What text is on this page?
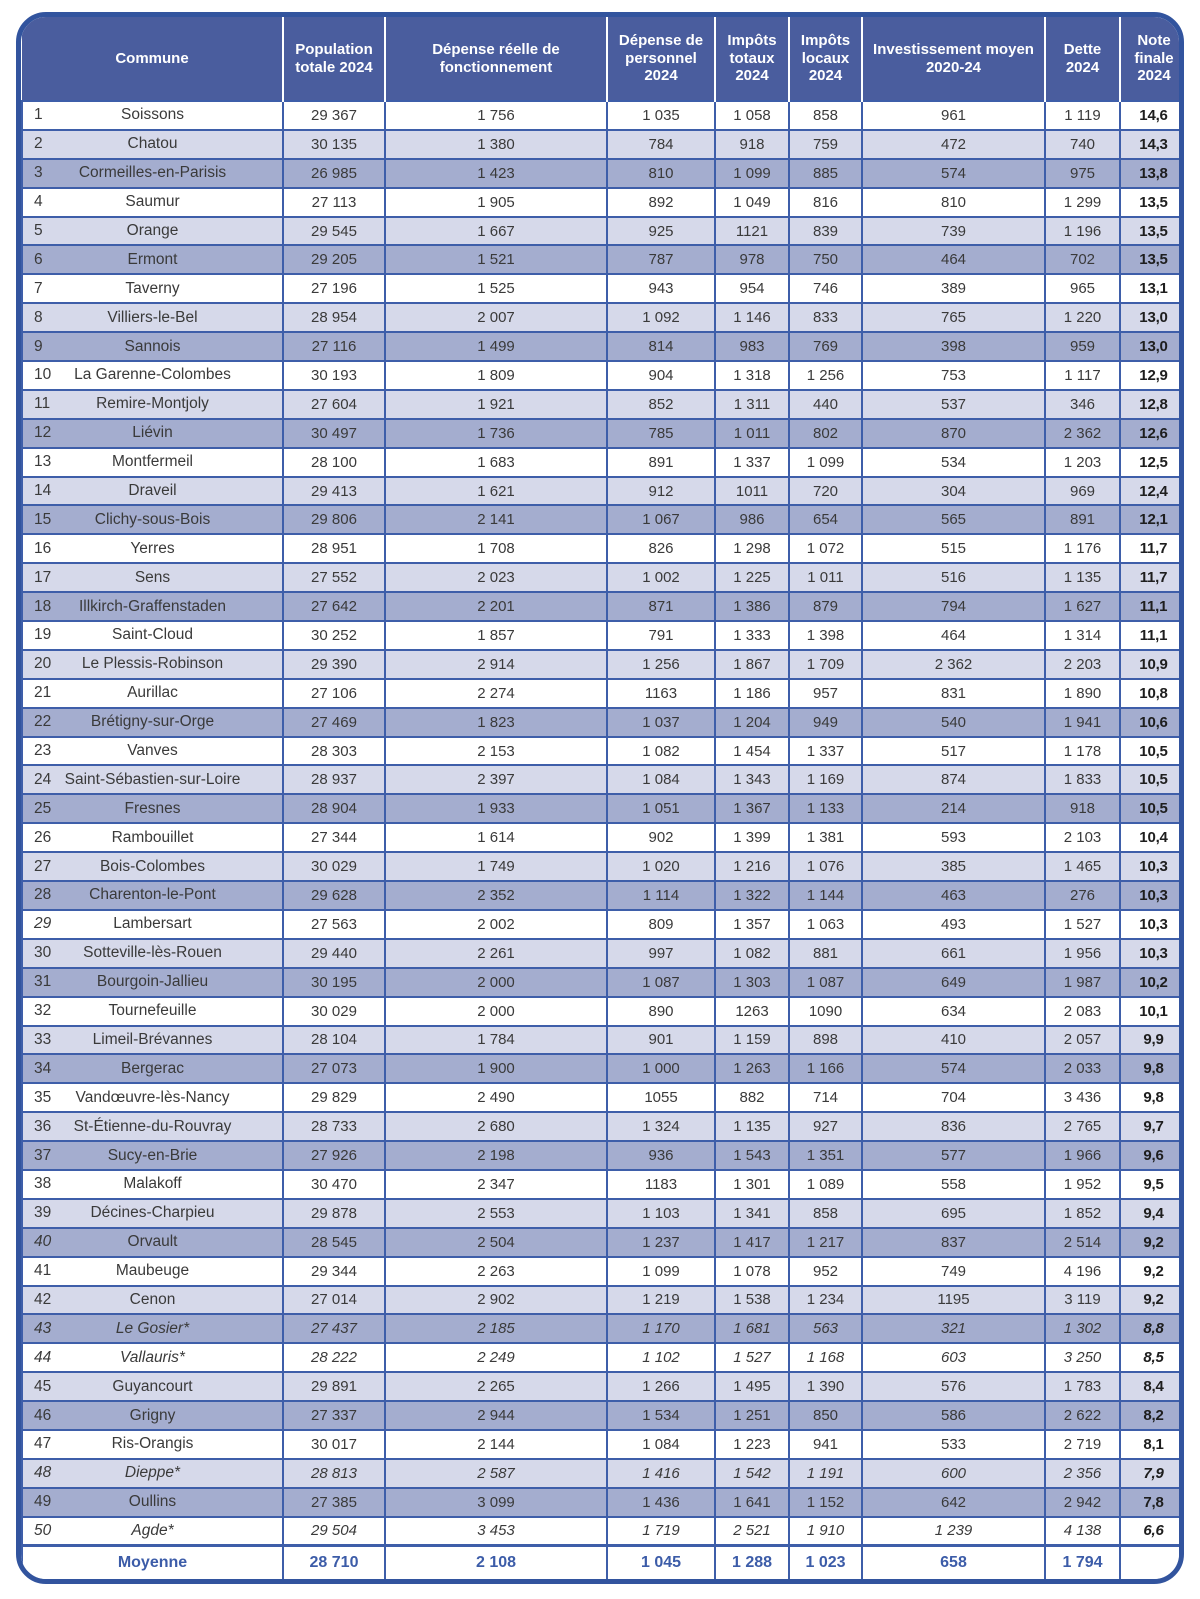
Commune	Population totale 2024	Dépense réelle de fonctionnement	Dépense de personnel 2024	Impôts totaux 2024	Impôts locaux 2024	Investissement moyen 2020-24	Dette 2024	Note finale 2024

1 Soissons	29 367	1 756	1 035	1 058	858	961	1 119	14,6

2 Chatou	30 135	1 380	784	918	759	472	740	14,3

3 Cormeilles-en-Parisis	26 985	1 423	810	1 099	885	574	975	13,8

4 Saumur	27 113	1 905	892	1 049	816	810	1 299	13,5

5 Orange	29 545	1 667	925	1121	839	739	1 196	13,5

6 Ermont	29 205	1 521	787	978	750	464	702	13,5

7 Taverny	27 196	1 525	943	954	746	389	965	13,1

8 Villiers-le-Bel	28 954	2 007	1 092	1 146	833	765	1 220	13,0

9 Sannois	27 116	1 499	814	983	769	398	959	13,0

10 La Garenne-Colombes	30 193	1 809	904	1 318	1 256	753	1 117	12,9

11 Remire-Montjoly	27 604	1 921	852	1 311	440	537	346	12,8

12 Liévin	30 497	1 736	785	1 011	802	870	2 362	12,6

13 Montfermeil	28 100	1 683	891	1 337	1 099	534	1 203	12,5

14 Draveil	29 413	1 621	912	1011	720	304	969	12,4

15 Clichy-sous-Bois	29 806	2 141	1 067	986	654	565	891	12,1

16 Yerres	28 951	1 708	826	1 298	1 072	515	1 176	11,7

17 Sens	27 552	2 023	1 002	1 225	1 011	516	1 135	11,7

18 Illkirch-Graffenstaden	27 642	2 201	871	1 386	879	794	1 627	11,1

19 Saint-Cloud	30 252	1 857	791	1 333	1 398	464	1 314	11,1

20 Le Plessis-Robinson	29 390	2 914	1 256	1 867	1 709	2 362	2 203	10,9

21 Aurillac	27 106	2 274	1163	1 186	957	831	1 890	10,8

22 Brétigny-sur-Orge	27 469	1 823	1 037	1 204	949	540	1 941	10,6

23 Vanves	28 303	2 153	1 082	1 454	1 337	517	1 178	10,5

24 Saint-Sébastien-sur-Loire	28 937	2 397	1 084	1 343	1 169	874	1 833	10,5

25 Fresnes	28 904	1 933	1 051	1 367	1 133	214	918	10,5

26 Rambouillet	27 344	1 614	902	1 399	1 381	593	2 103	10,4

27 Bois-Colombes	30 029	1 749	1 020	1 216	1 076	385	1 465	10,3

28 Charenton-le-Pont	29 628	2 352	1 114	1 322	1 144	463	276	10,3

29 Lambersart	27 563	2 002	809	1 357	1 063	493	1 527	10,3

30 Sotteville-lès-Rouen	29 440	2 261	997	1 082	881	661	1 956	10,3

31 Bourgoin-Jallieu	30 195	2 000	1 087	1 303	1 087	649	1 987	10,2

32 Tournefeuille	30 029	2 000	890	1263	1090	634	2 083	10,1

33 Limeil-Brévannes	28 104	1 784	901	1 159	898	410	2 057	9,9

34 Bergerac	27 073	1 900	1 000	1 263	1 166	574	2 033	9,8

35 Vandœuvre-lès-Nancy	29 829	2 490	1055	882	714	704	3 436	9,8

36 St-Étienne-du-Rouvray	28 733	2 680	1 324	1 135	927	836	2 765	9,7

37 Sucy-en-Brie	27 926	2 198	936	1 543	1 351	577	1 966	9,6

38 Malakoff	30 470	2 347	1183	1 301	1 089	558	1 952	9,5

39 Décines-Charpieu	29 878	2 553	1 103	1 341	858	695	1 852	9,4

40 Orvault	28 545	2 504	1 237	1 417	1 217	837	2 514	9,2

41 Maubeuge	29 344	2 263	1 099	1 078	952	749	4 196	9,2

42 Cenon	27 014	2 902	1 219	1 538	1 234	1195	3 119	9,2

43 Le Gosier*	27 437	2 185	1 170	1 681	563	321	1 302	8,8

44 Vallauris*	28 222	2 249	1 102	1 527	1 168	603	3 250	8,5

45 Guyancourt	29 891	2 265	1 266	1 495	1 390	576	1 783	8,4

46 Grigny	27 337	2 944	1 534	1 251	850	586	2 622	8,2

47 Ris-Orangis	30 017	2 144	1 084	1 223	941	533	2 719	8,1

48 Dieppe*	28 813	2 587	1 416	1 542	1 191	600	2 356	7,9

49 Oullins	27 385	3 099	1 436	1 641	1 152	642	2 942	7,8

50 Agde*	29 504	3 453	1 719	2 521	1 910	1 239	4 138	6,6
Moyenne	28 710	2 108	1 045	1 288	1 023	658	1 794	
